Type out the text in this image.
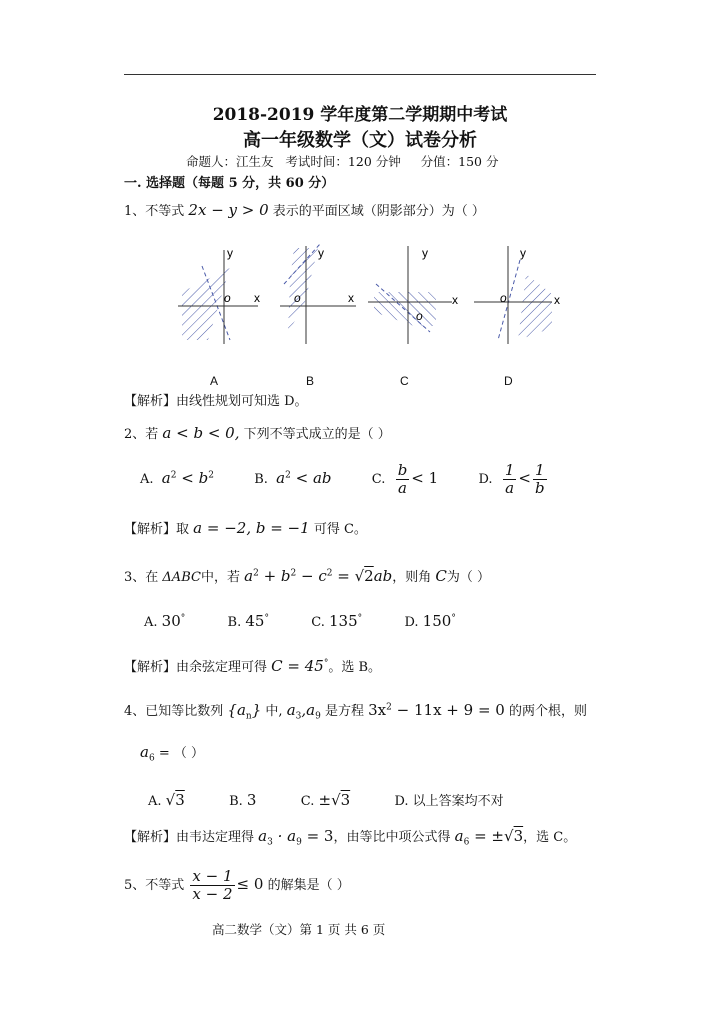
2018-2019 学年度第二学期期中考试
高一年级数学（文）试卷分析
命题人：江生友   考试时间：120 分钟     分值：150 分
一. 选择题（每题 5 分，共 60 分）
1、不等式 2x − y > 0 表示的平面区域（阴影部分）为（ ）
y
x
o
y
x
o
y
x
o
y
x
o
A	B	C	D
【解析】由线性规划可知选 D。
2、若 a < b < 0, 下列不等式成立的是（ ）
A. $a^2 < b^2$	B. $a^2$ < ab	C. $\frac{b}{a} < 1$	D. $\frac{1}{a} < \frac{1}{b}$
【解析】取 a = −2, b = −1 可得 C。
3、在 ΔABC中，若 $a^2 + b^2 - c^2 = √2ab$，则角 C为（ ）
A. 30°	B. 45°	C. 135°	D. 150°
【解析】由余弦定理可得 C = 45°。选 B。
4、已知等比数列 $\{a_n\}$ 中, $a_3,a_9$ 是方程 $3x^2 - 11x + 9 = 0$ 的两个根，则
$a_6$ = （ ）
A. √3	B. 3	C. ±√3	D. 以上答案均不对
【解析】由韦达定理得 $a_3 \cdot a_9 = 3$，由等比中项公式得 $a_6 = \pm√3$，选 C。
5、不等式 $\frac{x - 1}{x - 2} \le 0$ 的解集是（ ）
高二数学（文）第 1 页 共 6 页
